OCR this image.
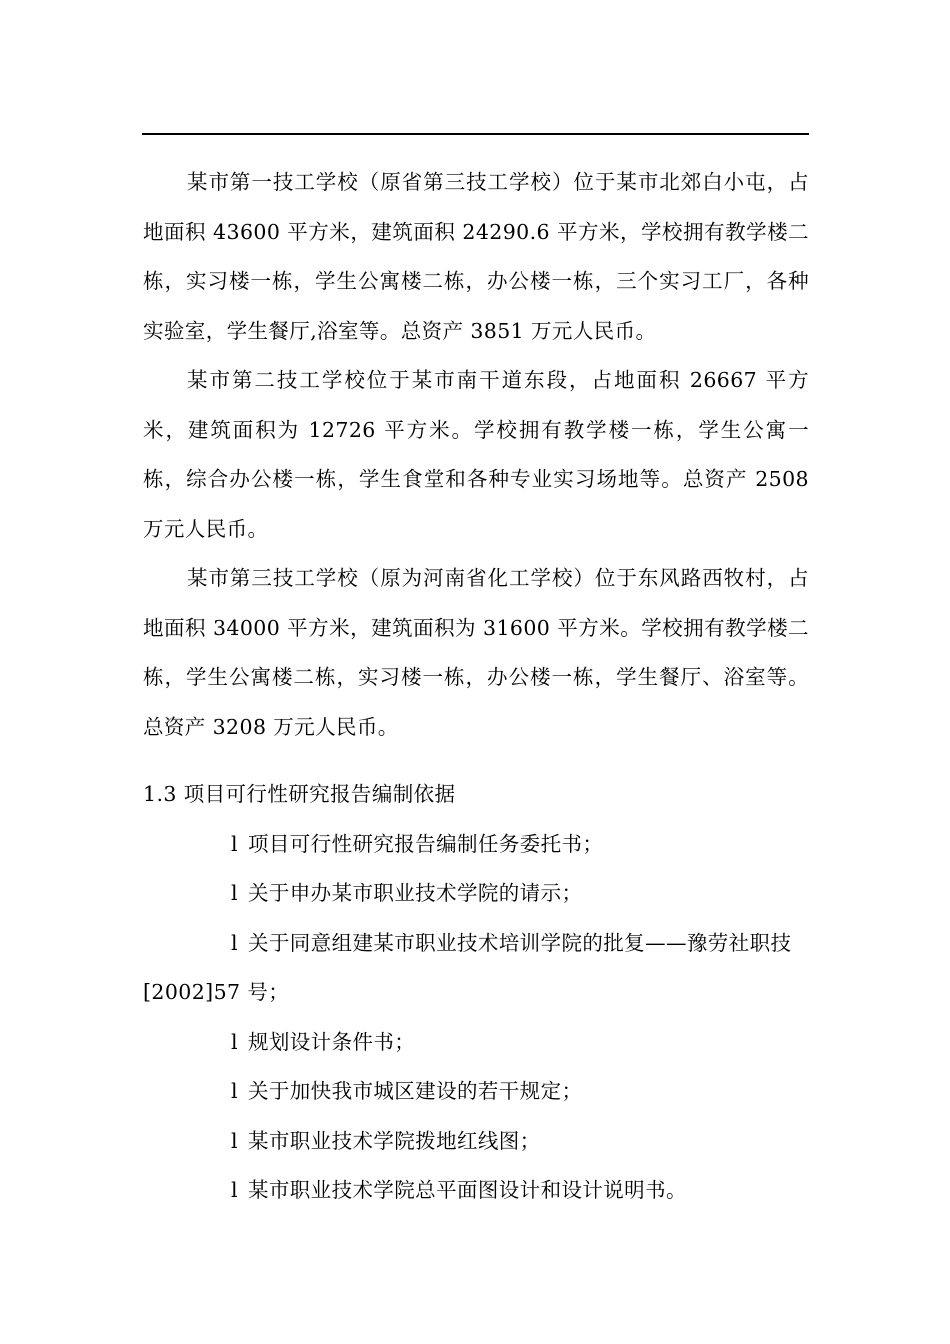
某市第一技工学校（原省第三技工学校）位于某市北郊白小屯，占地面积 43600 平方米，建筑面积 24290.6 平方米，学校拥有教学楼二栋，实习楼一栋，学生公寓楼二栋，办公楼一栋，三个实习工厂，各种实验室，学生餐厅,浴室等。总资产 3851 万元人民币。

某市第二技工学校位于某市南干道东段，占地面积 26667 平方米，建筑面积为 12726 平方米。学校拥有教学楼一栋，学生公寓一栋，综合办公楼一栋，学生食堂和各种专业实习场地等。总资产 2508 万元人民币。

某市第三技工学校（原为河南省化工学校）位于东风路西牧村，占地面积 34000 平方米，建筑面积为 31600 平方米。学校拥有教学楼二栋，学生公寓楼二栋，实习楼一栋，办公楼一栋，学生餐厅、浴室等。总资产 3208 万元人民币。

1.3 项目可行性研究报告编制依据

l 项目可行性研究报告编制任务委托书；

l 关于申办某市职业技术学院的请示；

l 关于同意组建某市职业技术培训学院的批复——豫劳社职技[2002]57 号；

l 规划设计条件书；

l 关于加快我市城区建设的若干规定；

l 某市职业技术学院拨地红线图；

l 某市职业技术学院总平面图设计和设计说明书。
